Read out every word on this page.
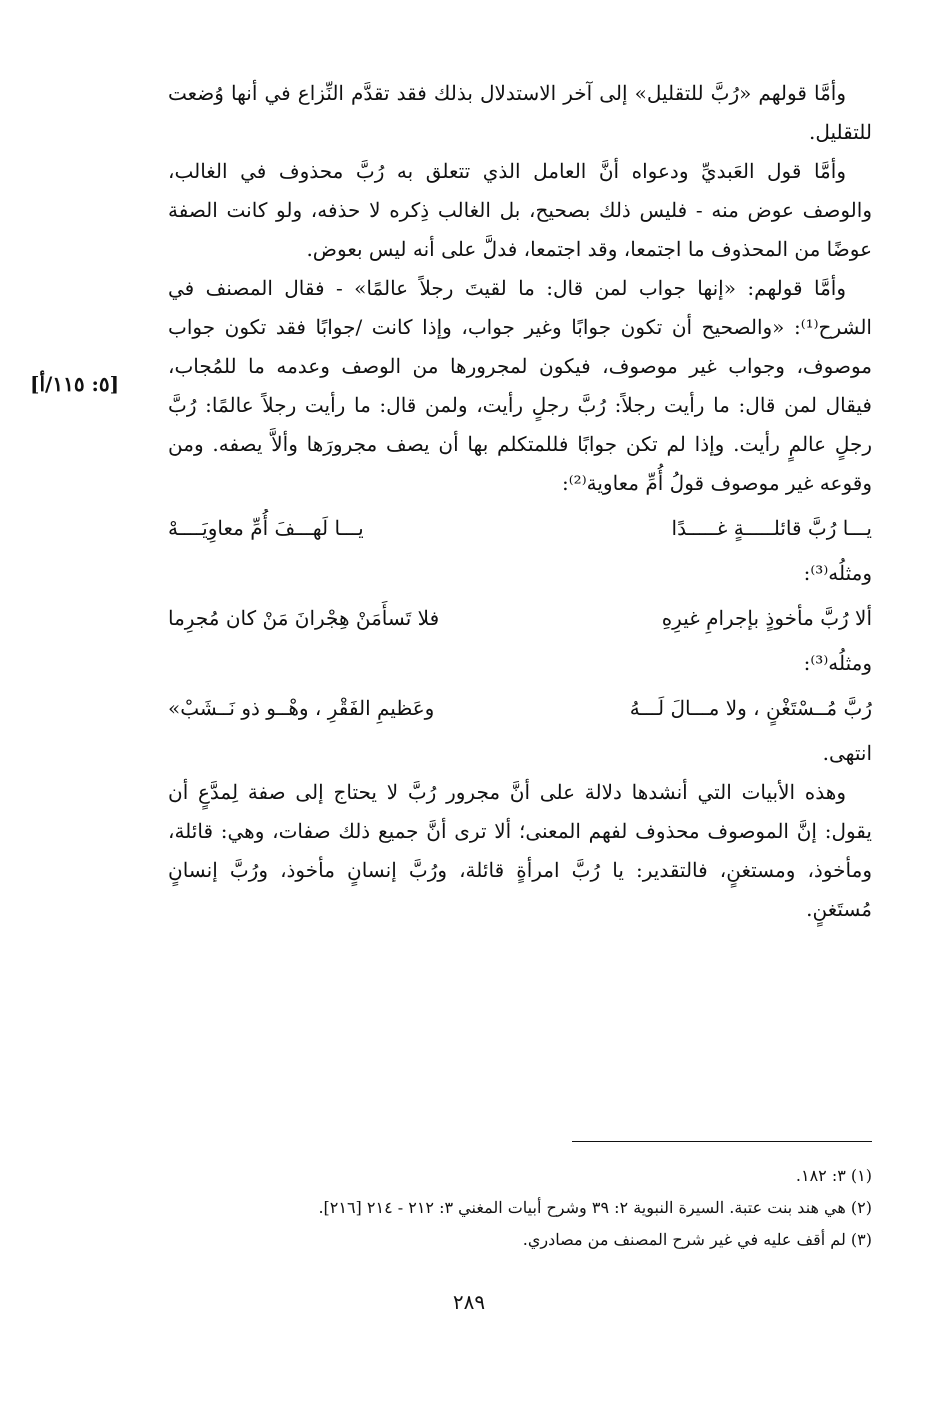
وأمَّا قولهم «رُبَّ للتقليل» إلى آخر الاستدلال بذلك فقد تقدَّم النِّزاع في أنها وُضعت للتقليل.

وأمَّا قول العَبديِّ ودعواه أنَّ العامل الذي تتعلق به رُبَّ محذوف في الغالب، والوصف عوض منه - فليس ذلك بصحيح، بل الغالب ذِكره لا حذفه، ولو كانت الصفة عوضًا من المحذوف ما اجتمعا، وقد اجتمعا، فدلَّ على أنه ليس بعوض.

وأمَّا قولهم: «إنها جواب لمن قال: ما لقيتَ رجلاً عالمًا» - فقال المصنف في الشرح⁽¹⁾: «والصحيح أن تكون جوابًا وغير جواب، وإذا كانت /جوابًا فقد تكون جواب موصوف، وجواب غير موصوف، فيكون لمجرورها من الوصف وعدمه ما للمُجاب، فيقال لمن قال: ما رأيت رجلاً: رُبَّ رجلٍ رأيت، ولمن قال: ما رأيت رجلاً عالمًا: رُبَّ رجلٍ عالمٍ رأيت. وإذا لم تكن جوابًا فللمتكلم بها أن يصف مجرورَها وألاَّ يصفه. ومن وقوعه غير موصوف قولُ أُمِّ معاوية⁽²⁾:

يـــا رُبَّ قائلـــــةٍ غـــــدًا
يـــا لَهـــفَ أُمِّ معاوِيَــــهْ

ومثلُه⁽³⁾:

ألا رُبَّ مأخوذٍ بإجرامِ غيرِهِ
فلا تَسأَمَنْ هِجْرانَ مَنْ كان مُجرِما

ومثلُه⁽³⁾:

رُبَّ مُــسْتَغْنٍ ، ولا مـــالَ لَـــهُ
وعَظيمِ الفَقْرِ ، وهْــو ذو نَــشَبْ»

انتهى.

وهذه الأبيات التي أنشدها دلالة على أنَّ مجرور رُبَّ لا يحتاج إلى صفة لِمدَّعٍ أن يقول: إنَّ الموصوف محذوف لفهم المعنى؛ ألا ترى أنَّ جميع ذلك صفات، وهي: قائلة، ومأخوذ، ومستغنٍ، فالتقدير: يا رُبَّ امرأةٍ قائلة، ورُبَّ إنسانٍ مأخوذ، ورُبَّ إنسانٍ مُستَغنٍ.

[٥: ١١٥/أ]

(١) ٣: ١٨٢.

(٢) هي هند بنت عتبة. السيرة النبوية ٢: ٣٩ وشرح أبيات المغني ٣: ٢١٢ - ٢١٤ [٢١٦].

(٣) لم أقف عليه في غير شرح المصنف من مصادري.

٢٨٩
